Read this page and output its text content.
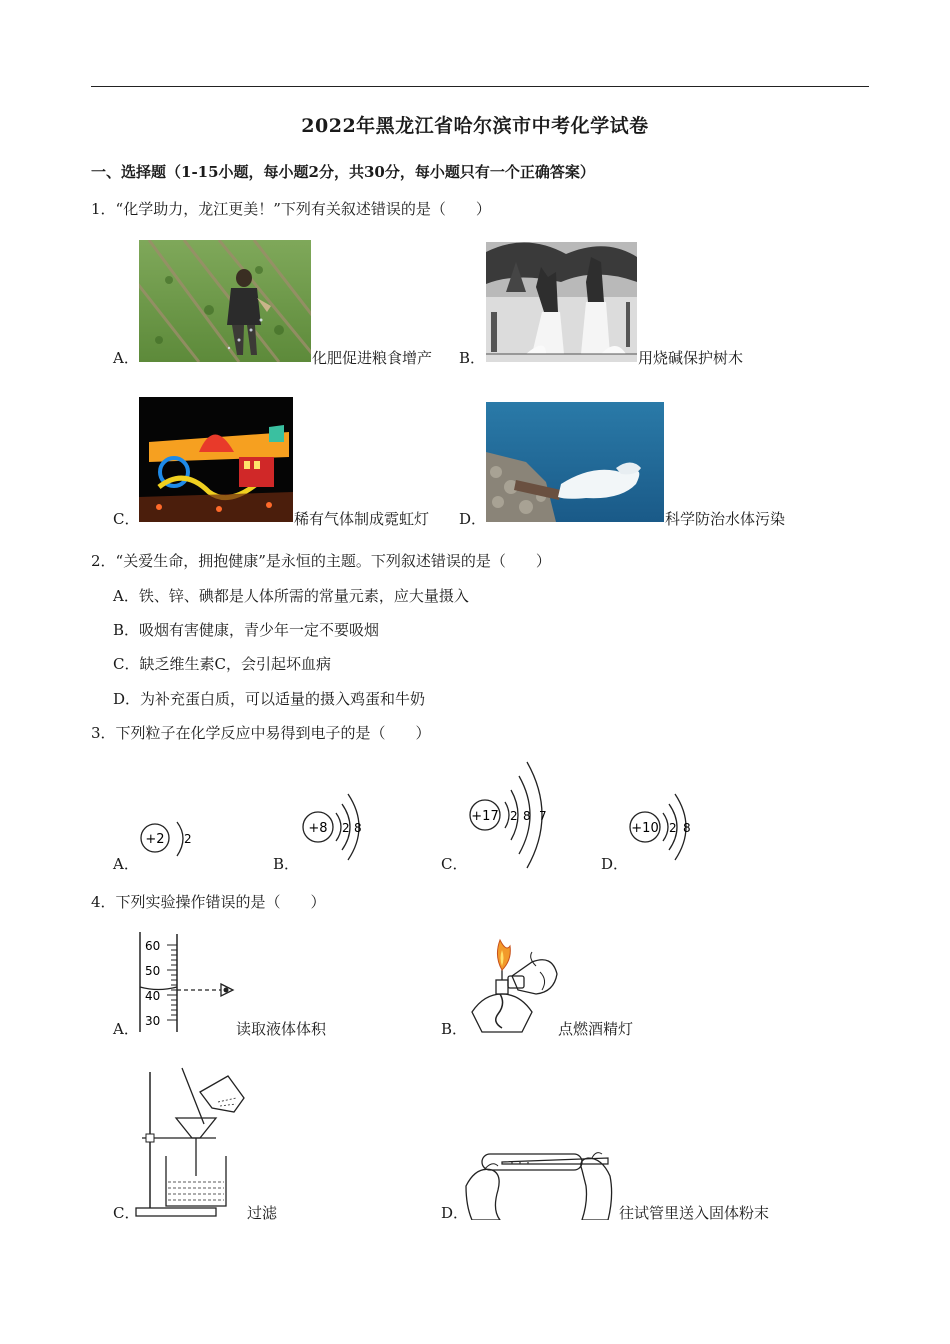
2022年黑龙江省哈尔滨市中考化学试卷
一、选择题（1-15小题，每小题2分，共30分，每小题只有一个正确答案）
1．“化学助力，龙江更美！”下列有关叙述错误的是（　　）
A．	化肥促进粮食增产 B．	用烧碱保护树木
C．	稀有气体制成霓虹灯 D．	科学防治水体污染
2．“关爱生命，拥抱健康”是永恒的主题。下列叙述错误的是（　　）
A．铁、锌、碘都是人体所需的常量元素，应大量摄入
B．吸烟有害健康，青少年一定不要吸烟
C．缺乏维生素C，会引起坏血病
D．为补充蛋白质，可以适量的摄入鸡蛋和牛奶
3．下列粒子在化学反应中易得到电子的是（　　）
+2 2
A．
+8 2 8
B．
+17 2 8 7
C．
+10 2 8
D．
4．下列实验操作错误的是（　　）
60
50
40
30
A．	读取液体体积	B．	点燃酒精灯
C．	过滤	D．	往试管里送入固体粉末
